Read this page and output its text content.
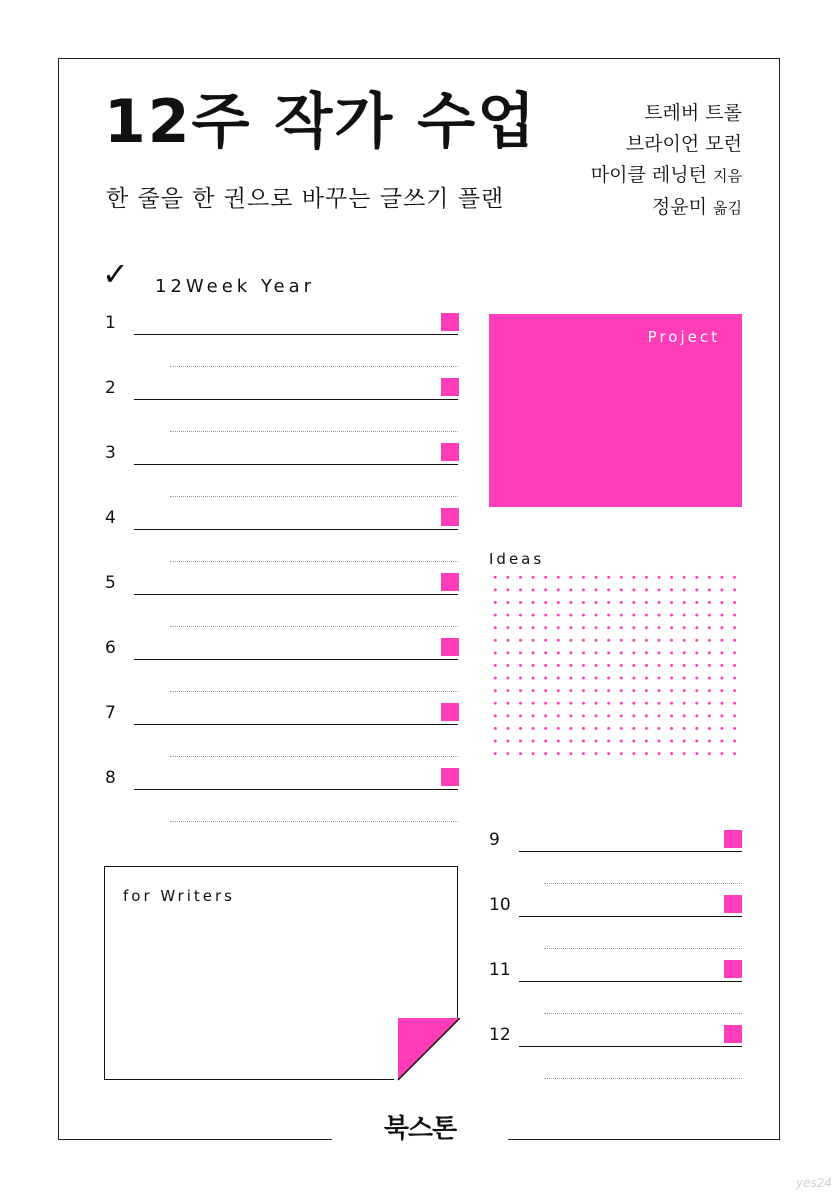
12주 작가 수업
한 줄을 한 권으로 바꾸는 글쓰기 플랜
트레버 트롤
브라이언 모런
마이클 레닝턴 지음
정윤미 옮김
✓ 12Week Year
1
2
3
4
5
6
7
8
9
10
11
12
Project
Ideas
for Writers
북스톤
yes24
